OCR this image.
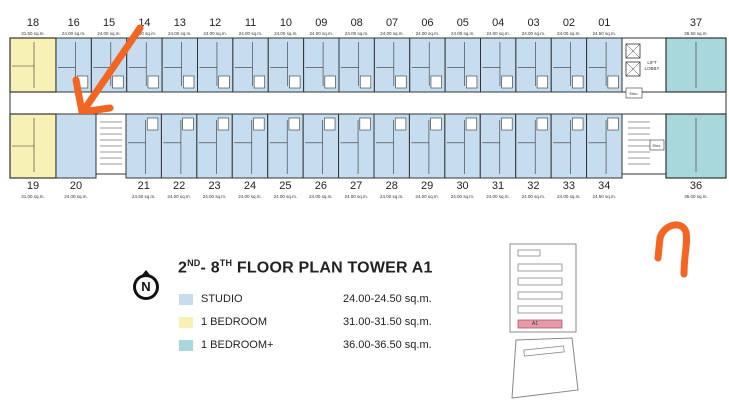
LIFT
LOBBY
Elec.
Elec.
18
31.50 sq.m.
16
24.00 sq.m.
15
24.00 sq.m.
14
24.00 sq.m.
13
24.00 sq.m.
12
24.00 sq.m.
11
24.00 sq.m.
10
24.00 sq.m.
09
24.00 sq.m.
08
24.00 sq.m.
07
24.00 sq.m.
06
24.00 sq.m.
05
24.00 sq.m.
04
24.00 sq.m.
03
24.00 sq.m.
02
24.00 sq.m.
01
24.50 sq.m.
37
36.50 sq.m.
19
31.00 sq.m.
20
24.00 sq.m.
21
24.50 sq.m.
22
24.00 sq.m.
23
24.00 sq.m.
24
24.00 sq.m.
25
24.00 sq.m.
26
24.00 sq.m.
27
24.00 sq.m.
28
24.00 sq.m.
29
24.00 sq.m.
30
24.00 sq.m.
31
24.00 sq.m.
32
24.00 sq.m.
33
24.00 sq.m.
34
24.50 sq.m.
36
36.00 sq.m.
N
2ND- 8TH FLOOR PLAN TOWER A1
STUDIO	24.00-24.50 sq.m.
1 BEDROOM	31.00-31.50 sq.m.
1 BEDROOM+	36.00-36.50 sq.m.
A1
